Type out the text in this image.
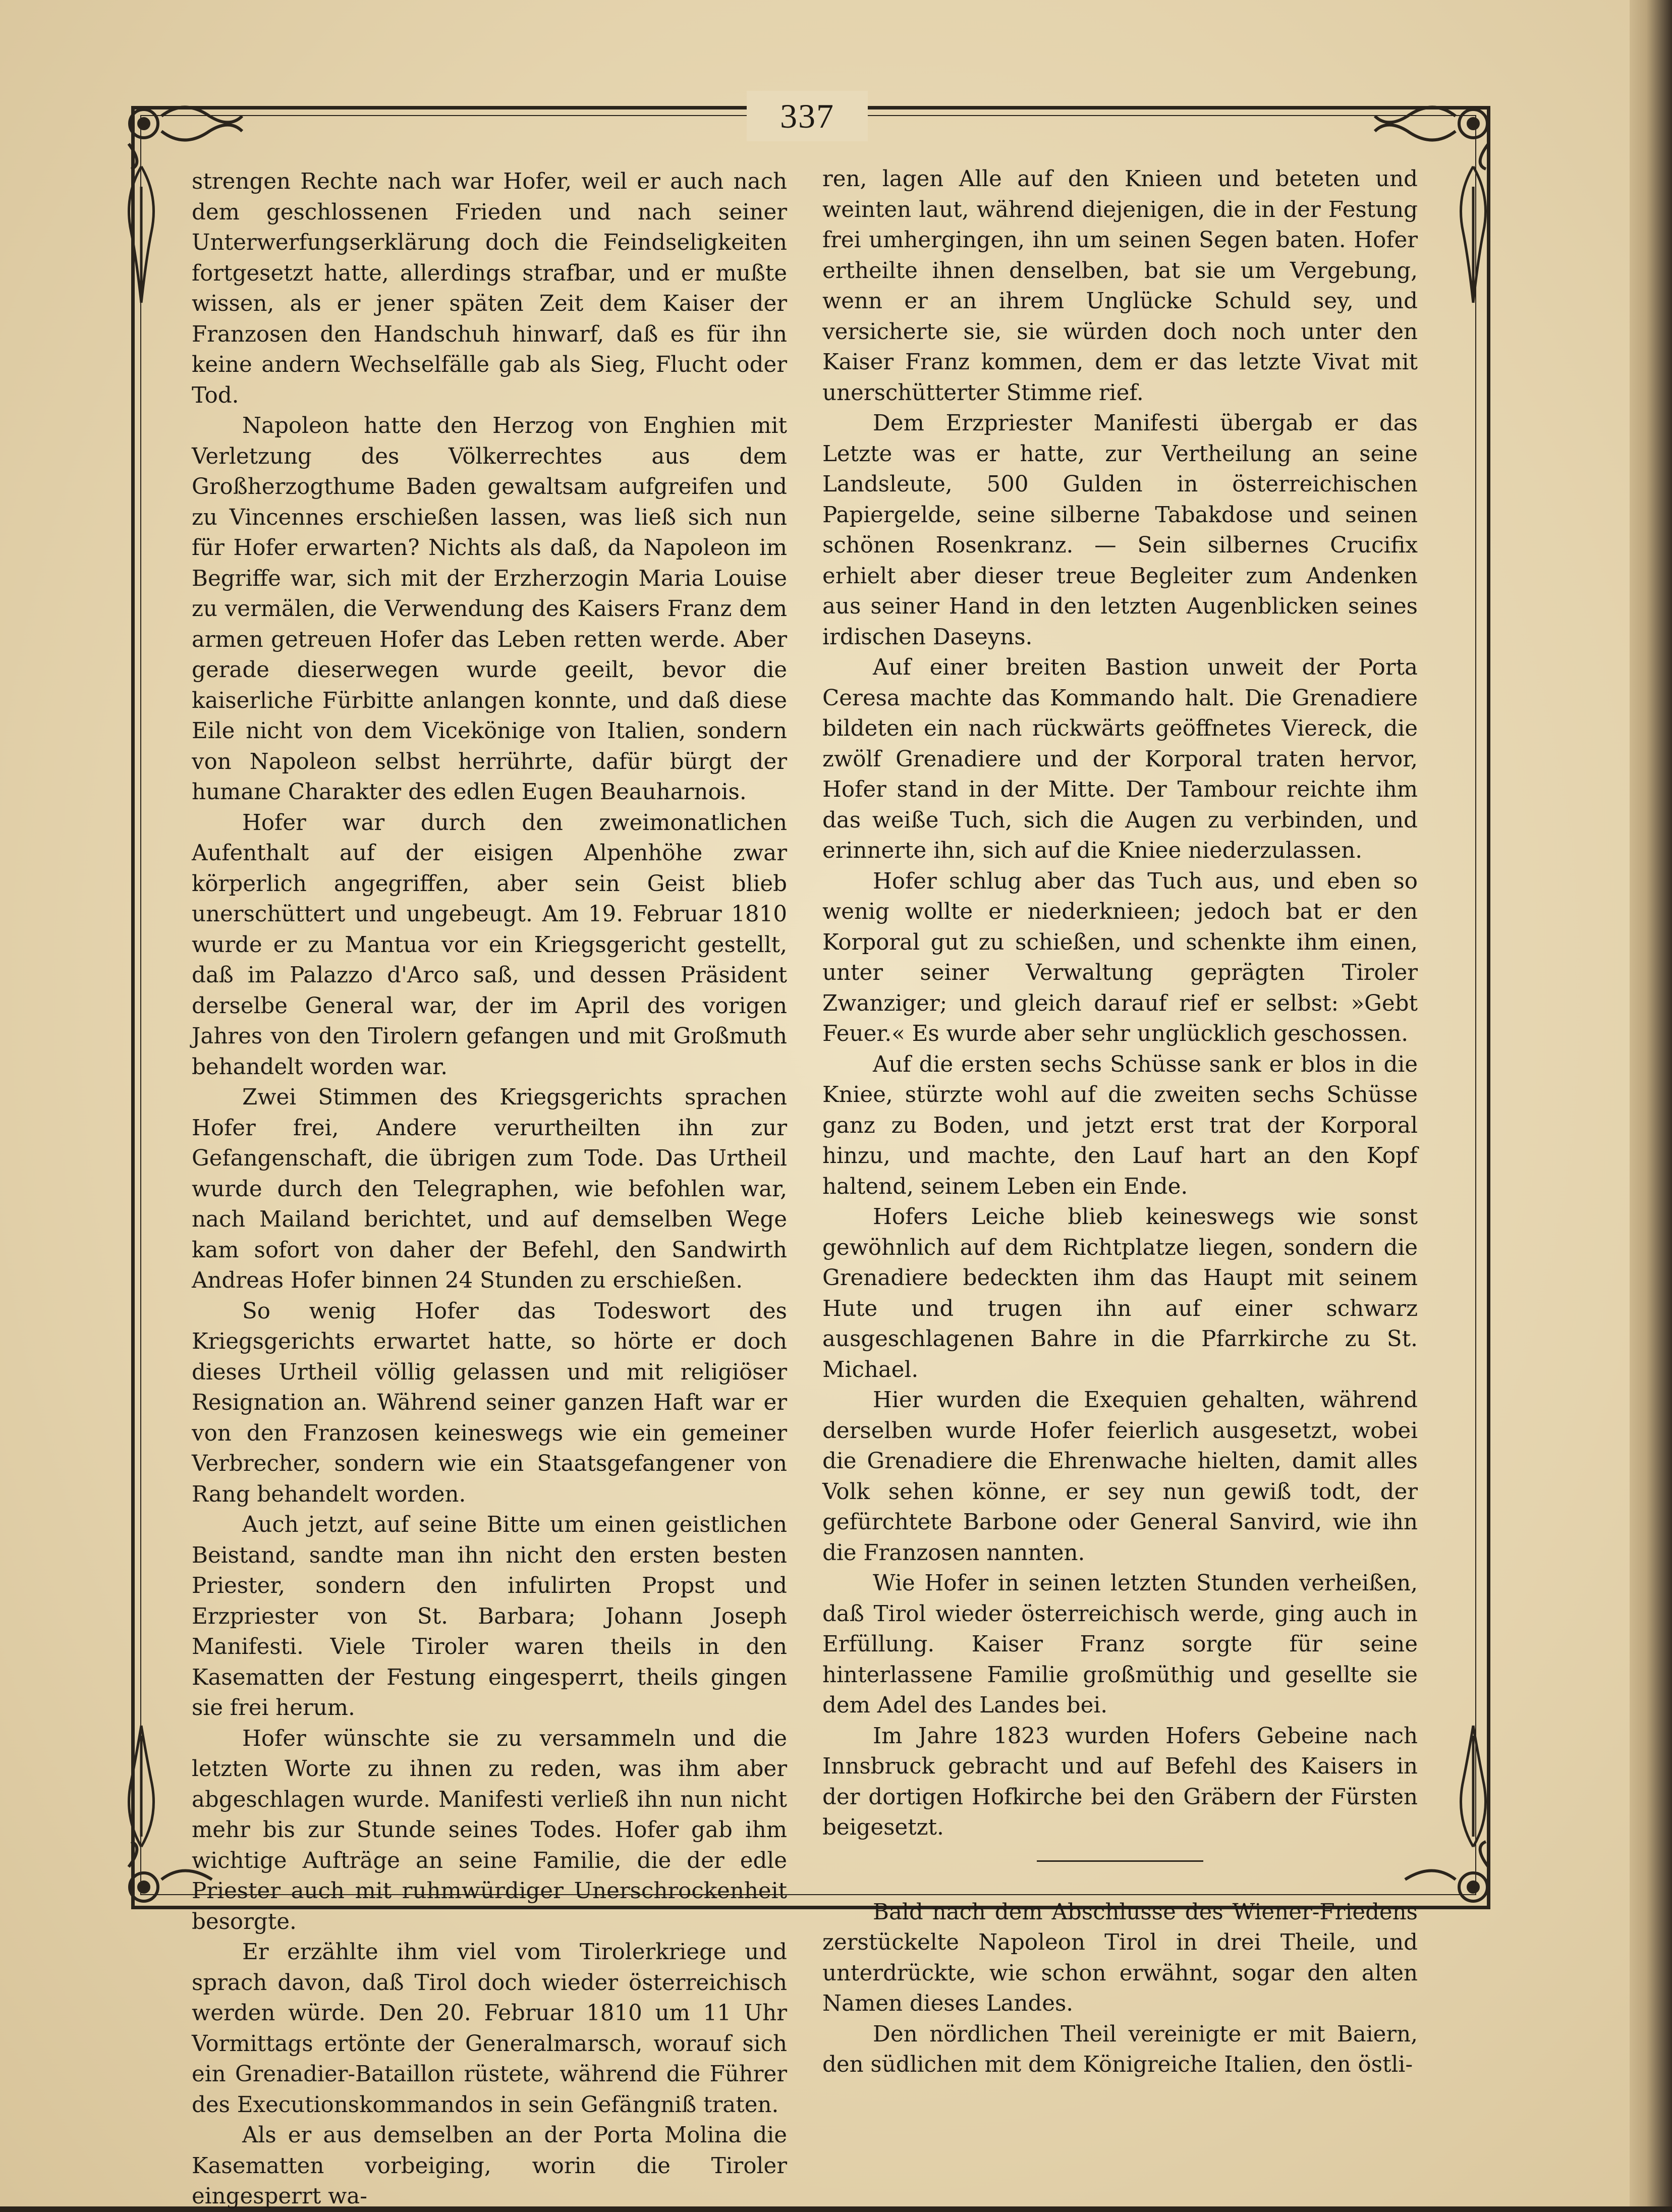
337

strengen Rechte nach war Hofer, weil er auch nach dem geschlossenen Frieden und nach seiner Unterwerfungserklärung doch die Feindseligkeiten fortgesetzt hatte, allerdings strafbar, und er mußte wissen, als er jener späten Zeit dem Kaiser der Franzosen den Handschuh hinwarf, daß es für ihn keine andern Wechselfälle gab als Sieg, Flucht oder Tod.

Napoleon hatte den Herzog von Enghien mit Verletzung des Völkerrechtes aus dem Großherzogthume Baden gewaltsam aufgreifen und zu Vincennes erschießen lassen, was ließ sich nun für Hofer erwarten? Nichts als daß, da Napoleon im Begriffe war, sich mit der Erzherzogin Maria Louise zu vermälen, die Verwendung des Kaisers Franz dem armen getreuen Hofer das Leben retten werde. Aber gerade dieserwegen wurde geeilt, bevor die kaiserliche Fürbitte anlangen konnte, und daß diese Eile nicht von dem Vicekönige von Italien, sondern von Napoleon selbst herrührte, dafür bürgt der humane Charakter des edlen Eugen Beauharnois.

Hofer war durch den zweimonatlichen Aufenthalt auf der eisigen Alpenhöhe zwar körperlich angegriffen, aber sein Geist blieb unerschüttert und ungebeugt. Am 19. Februar 1810 wurde er zu Mantua vor ein Kriegsgericht gestellt, daß im Palazzo d'Arco saß, und dessen Präsident derselbe General war, der im April des vorigen Jahres von den Tirolern gefangen und mit Großmuth behandelt worden war.

Zwei Stimmen des Kriegsgerichts sprachen Hofer frei, Andere verurtheilten ihn zur Gefangenschaft, die übrigen zum Tode. Das Urtheil wurde durch den Telegraphen, wie befohlen war, nach Mailand berichtet, und auf demselben Wege kam sofort von daher der Befehl, den Sandwirth Andreas Hofer binnen 24 Stunden zu erschießen.

So wenig Hofer das Todeswort des Kriegsgerichts erwartet hatte, so hörte er doch dieses Urtheil völlig gelassen und mit religiöser Resignation an. Während seiner ganzen Haft war er von den Franzosen keineswegs wie ein gemeiner Verbrecher, sondern wie ein Staatsgefangener von Rang behandelt worden.

Auch jetzt, auf seine Bitte um einen geistlichen Beistand, sandte man ihn nicht den ersten besten Priester, sondern den infulirten Propst und Erzpriester von St. Barbara; Johann Joseph Manifesti. Viele Tiroler waren theils in den Kasematten der Festung eingesperrt, theils gingen sie frei herum.

Hofer wünschte sie zu versammeln und die letzten Worte zu ihnen zu reden, was ihm aber abgeschlagen wurde. Manifesti verließ ihn nun nicht mehr bis zur Stunde seines Todes. Hofer gab ihm wichtige Aufträge an seine Familie, die der edle Priester auch mit ruhmwürdiger Unerschrockenheit besorgte.

Er erzählte ihm viel vom Tirolerkriege und sprach davon, daß Tirol doch wieder österreichisch werden würde. Den 20. Februar 1810 um 11 Uhr Vormittags ertönte der Generalmarsch, worauf sich ein Grenadier-Bataillon rüstete, während die Führer des Executionskommandos in sein Gefängniß traten.

Als er aus demselben an der Porta Molina die Kasematten vorbeiging, worin die Tiroler eingesperrt wa-

ren, lagen Alle auf den Knieen und beteten und weinten laut, während diejenigen, die in der Festung frei umhergingen, ihn um seinen Segen baten. Hofer ertheilte ihnen denselben, bat sie um Vergebung, wenn er an ihrem Unglücke Schuld sey, und versicherte sie, sie würden doch noch unter den Kaiser Franz kommen, dem er das letzte Vivat mit unerschütterter Stimme rief.

Dem Erzpriester Manifesti übergab er das Letzte was er hatte, zur Vertheilung an seine Landsleute, 500 Gulden in österreichischen Papiergelde, seine silberne Tabakdose und seinen schönen Rosenkranz. — Sein silbernes Crucifix erhielt aber dieser treue Begleiter zum Andenken aus seiner Hand in den letzten Augenblicken seines irdischen Daseyns.

Auf einer breiten Bastion unweit der Porta Ceresa machte das Kommando halt. Die Grenadiere bildeten ein nach rückwärts geöffnetes Viereck, die zwölf Grenadiere und der Korporal traten hervor, Hofer stand in der Mitte. Der Tambour reichte ihm das weiße Tuch, sich die Augen zu verbinden, und erinnerte ihn, sich auf die Kniee niederzulassen.

Hofer schlug aber das Tuch aus, und eben so wenig wollte er niederknieen; jedoch bat er den Korporal gut zu schießen, und schenkte ihm einen, unter seiner Verwaltung geprägten Tiroler Zwanziger; und gleich darauf rief er selbst: »Gebt Feuer.« Es wurde aber sehr unglücklich geschossen.

Auf die ersten sechs Schüsse sank er blos in die Kniee, stürzte wohl auf die zweiten sechs Schüsse ganz zu Boden, und jetzt erst trat der Korporal hinzu, und machte, den Lauf hart an den Kopf haltend, seinem Leben ein Ende.

Hofers Leiche blieb keineswegs wie sonst gewöhnlich auf dem Richtplatze liegen, sondern die Grenadiere bedeckten ihm das Haupt mit seinem Hute und trugen ihn auf einer schwarz ausgeschlagenen Bahre in die Pfarrkirche zu St. Michael.

Hier wurden die Exequien gehalten, während derselben wurde Hofer feierlich ausgesetzt, wobei die Grenadiere die Ehrenwache hielten, damit alles Volk sehen könne, er sey nun gewiß todt, der gefürchtete Barbone oder General Sanvird, wie ihn die Franzosen nannten.

Wie Hofer in seinen letzten Stunden verheißen, daß Tirol wieder österreichisch werde, ging auch in Erfüllung. Kaiser Franz sorgte für seine hinterlassene Familie großmüthig und gesellte sie dem Adel des Landes bei.

Im Jahre 1823 wurden Hofers Gebeine nach Innsbruck gebracht und auf Befehl des Kaisers in der dortigen Hofkirche bei den Gräbern der Fürsten beigesetzt.

Bald nach dem Abschlusse des Wiener-Friedens zerstückelte Napoleon Tirol in drei Theile, und unterdrückte, wie schon erwähnt, sogar den alten Namen dieses Landes.

Den nördlichen Theil vereinigte er mit Baiern, den südlichen mit dem Königreiche Italien, den östli-
